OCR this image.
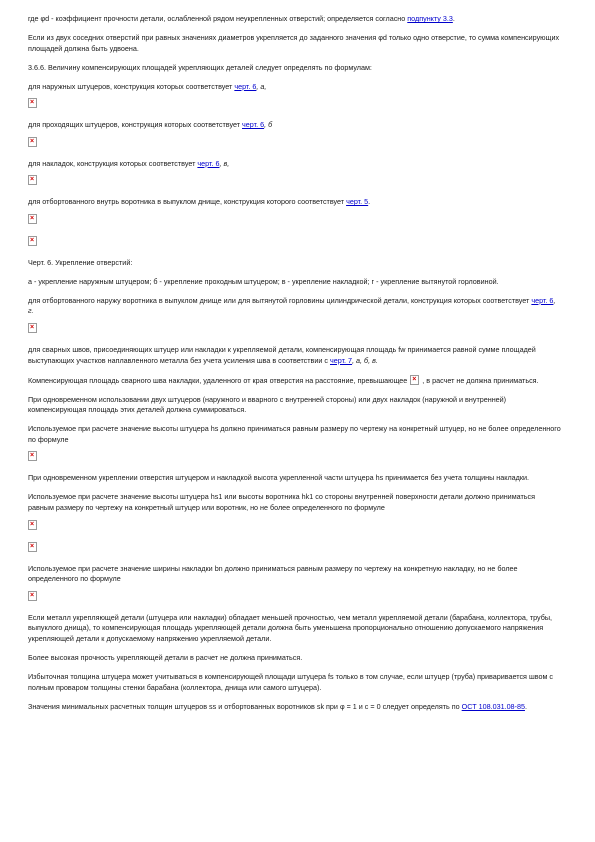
где φd - коэффициент прочности детали, ослабленной рядом неукрепленных отверстий; определяется согласно подпункту 3.3.

Если из двух соседних отверстий при равных значениях диаметров укрепляется до заданного значения φd только одно отверстие, то сумма компенсирующих площадей должна быть удвоена.

3.6.6. Величину компенсирующих площадей укрепляющих деталей следует определять по формулам:

для наружных штуцеров, конструкция которых соответствует черт. 6, а,

×

для проходящих штуцеров, конструкция которых соответствует черт. 6, б

×

для накладок, конструкция которых соответствует черт. 6, в,

×

для отбортованного внутрь воротника в выпуклом днище, конструкция которого соответствует черт. 5.

×
×

Черт. 6. Укрепление отверстий:

а - укрепление наружным штуцером; б - укрепление проходным штуцером; в - укрепление накладкой; г - укрепление вытянутой горловиной.

для отбортованного наружу воротника в выпуклом днище или для вытянутой горловины цилиндрической детали, конструкция которых соответствует черт. 6, г.

×

для сварных швов, присоединяющих штуцер или накладки к укрепляемой детали, компенсирующая площадь fw принимается равной сумме площадей выступающих участков наплавленного металла без учета усиления шва в соответствии с черт. 7, а, б, в.

Компенсирующая площадь сварного шва накладки, удаленного от края отверстия на расстояние, превышающее × , в расчет не должна приниматься.

При одновременном использовании двух штуцеров (наружного и вварного с внутренней стороны) или двух накладок (наружной и внутренней) компенсирующая площадь этих деталей должна суммироваться.

Используемое при расчете значение высоты штуцера hs должно приниматься равным размеру по чертежу на конкретный штуцер, но не более определенного по формуле

×

При одновременном укреплении отверстия штуцером и накладкой высота укрепленной части штуцера hs принимается без учета толщины накладки.

Используемое при расчете значение высоты штуцера hs1 или высоты воротника hk1 со стороны внутренней поверхности детали должно приниматься равным размеру по чертежу на конкретный штуцер или воротник, но не более определенного по формуле

×
×

Используемое при расчете значение ширины накладки bn должно приниматься равным размеру по чертежу на конкретную накладку, но не более определенного по формуле

×

Если металл укрепляющей детали (штуцера или накладки) обладает меньшей прочностью, чем металл укрепляемой детали (барабана, коллектора, трубы, выпуклого днища), то компенсирующая площадь укрепляющей детали должна быть уменьшена пропорционально отношению допускаемого напряжения укрепляющей детали к допускаемому напряжению укрепляемой детали.

Более высокая прочность укрепляющей детали в расчет не должна приниматься.

Избыточная толщина штуцера может учитываться в компенсирующей площади штуцера fs только в том случае, если штуцер (труба) приваривается швом с полным проваром толщины стенки барабана (коллектора, днища или самого штуцера).

Значения минимальных расчетных толщин штуцеров ss и отбортованных воротников sk при φ = 1 и c = 0 следует определять по ОСТ 108.031.08-85.
